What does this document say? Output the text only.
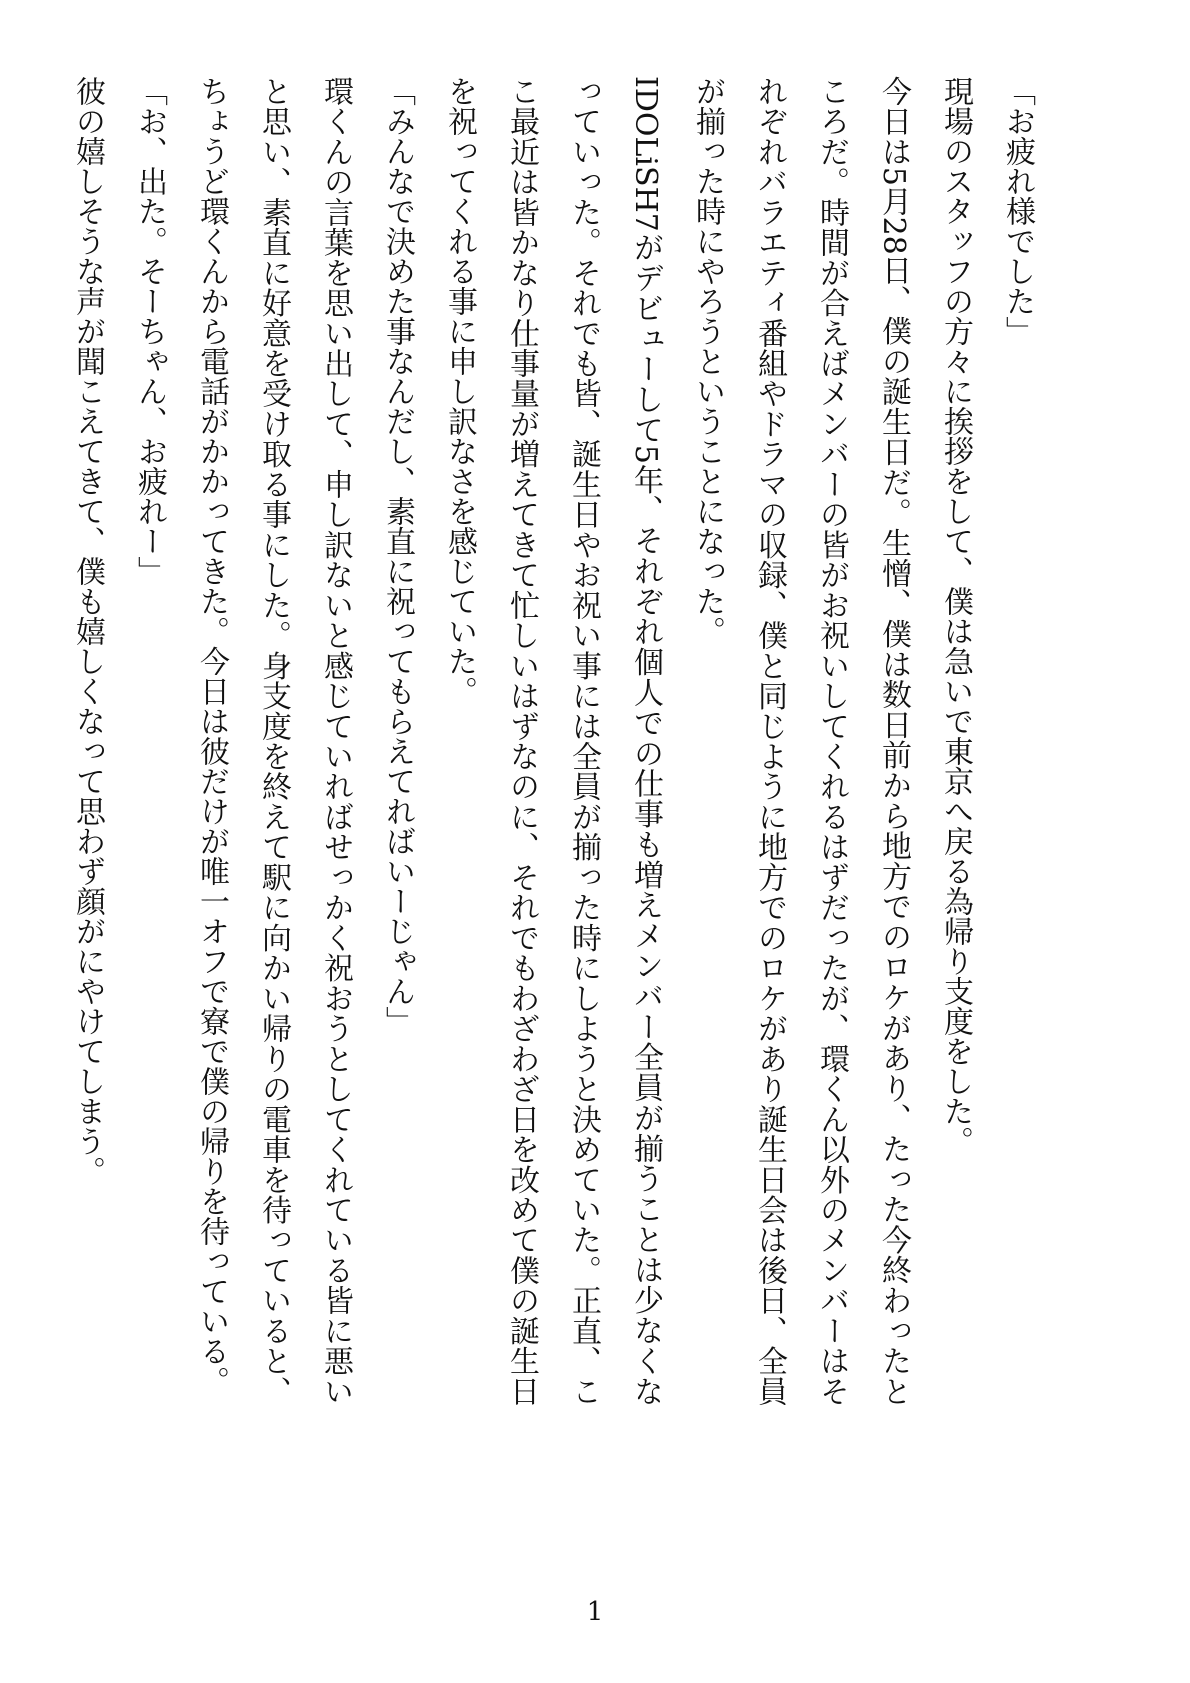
「お疲れ様でした」

現場のスタッフの方々に挨拶をして、僕は急いで東京へ戻る為帰り支度をした。

今日は5月28日、僕の誕生日だ。生憎、僕は数日前から地方でのロケがあり、たった今終わったところだ。時間が合えばメンバーの皆がお祝いしてくれるはずだったが、環くん以外のメンバーはそれぞれバラエティ番組やドラマの収録、僕と同じように地方でのロケがあり誕生日会は後日、全員が揃った時にやろうということになった。

IDOLiSH7がデビューして5年、それぞれ個人での仕事も増えメンバー全員が揃うことは少なくなっていった。それでも皆、誕生日やお祝い事には全員が揃った時にしようと決めていた。正直、ここ最近は皆かなり仕事量が増えてきて忙しいはずなのに、それでもわざわざ日を改めて僕の誕生日を祝ってくれる事に申し訳なさを感じていた。

「みんなで決めた事なんだし、素直に祝ってもらえてればいーじゃん」

環くんの言葉を思い出して、申し訳ないと感じていればせっかく祝おうとしてくれている皆に悪いと思い、素直に好意を受け取る事にした。身支度を終えて駅に向かい帰りの電車を待っていると、ちょうど環くんから電話がかかってきた。今日は彼だけが唯一オフで寮で僕の帰りを待っている。

「お、出た。そーちゃん、お疲れー」

彼の嬉しそうな声が聞こえてきて、僕も嬉しくなって思わず顔がにやけてしまう。

1
